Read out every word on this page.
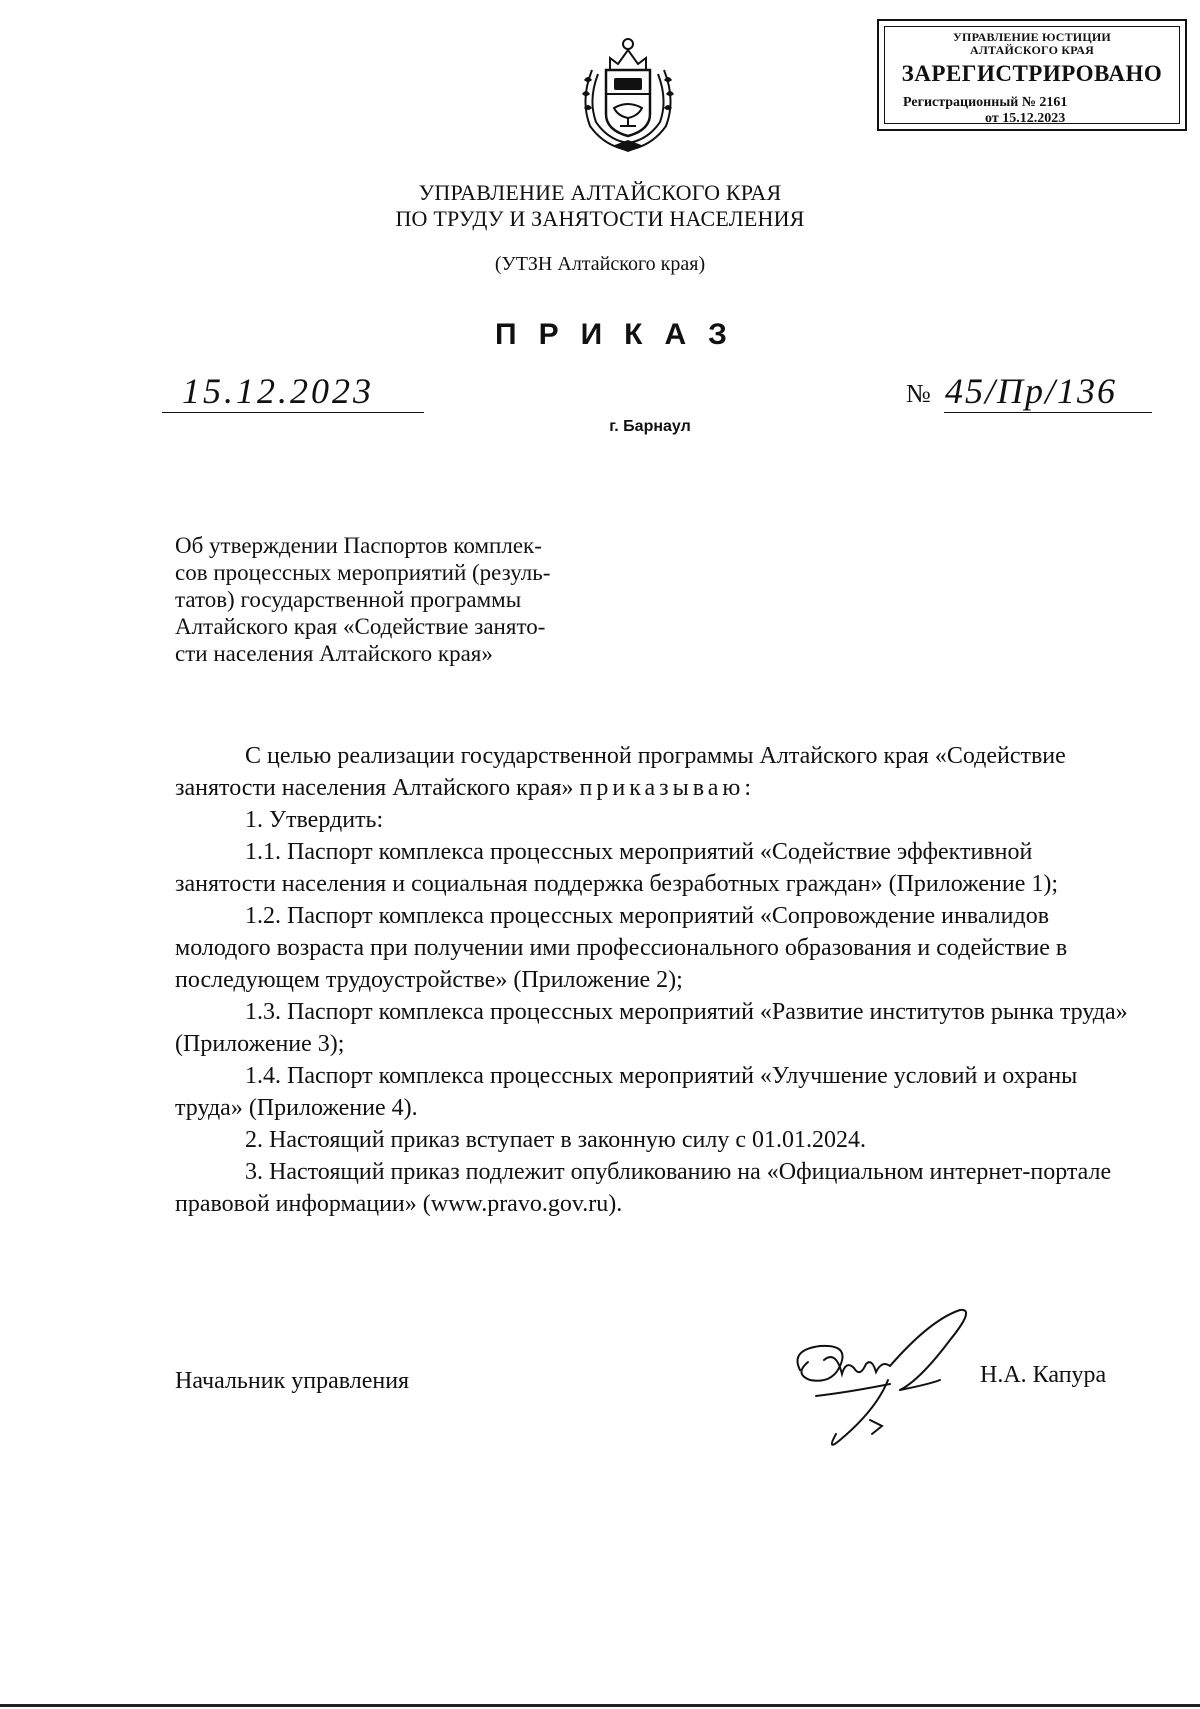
УПРАВЛЕНИЕ ЮСТИЦИИ
АЛТАЙСКОГО КРАЯ
ЗАРЕГИСТРИРОВАНО
Регистрационный № 2161
от 15.12.2023
УПРАВЛЕНИЕ АЛТАЙСКОГО КРАЯ
ПО ТРУДУ И ЗАНЯТОСТИ НАСЕЛЕНИЯ
(УТЗН Алтайского края)
ПРИКАЗ
15.12.2023	№ 45/Пр/136
г. Барнаул
Об утверждении Паспортов комплек-
сов процессных мероприятий (резуль-
татов) государственной программы
Алтайского края «Содействие занято-
сти населения Алтайского края»

С целью реализации государственной программы Алтайского края «Содействие занятости населения Алтайского края» приказываю:

1. Утвердить:

1.1. Паспорт комплекса процессных мероприятий «Содействие эффективной занятости населения и социальная поддержка безработных граждан» (Приложение 1);

1.2. Паспорт комплекса процессных мероприятий «Сопровождение инвалидов молодого возраста при получении ими профессионального образования и содействие в последующем трудоустройстве» (Приложение 2);

1.3. Паспорт комплекса процессных мероприятий «Развитие институтов рынка труда» (Приложение 3);

1.4. Паспорт комплекса процессных мероприятий «Улучшение условий и охраны труда» (Приложение 4).

2. Настоящий приказ вступает в законную силу с 01.01.2024.

3. Настоящий приказ подлежит опубликованию на «Официальном интернет-портале правовой информации» (www.pravo.gov.ru).

Начальник управления	Н.А. Капура
